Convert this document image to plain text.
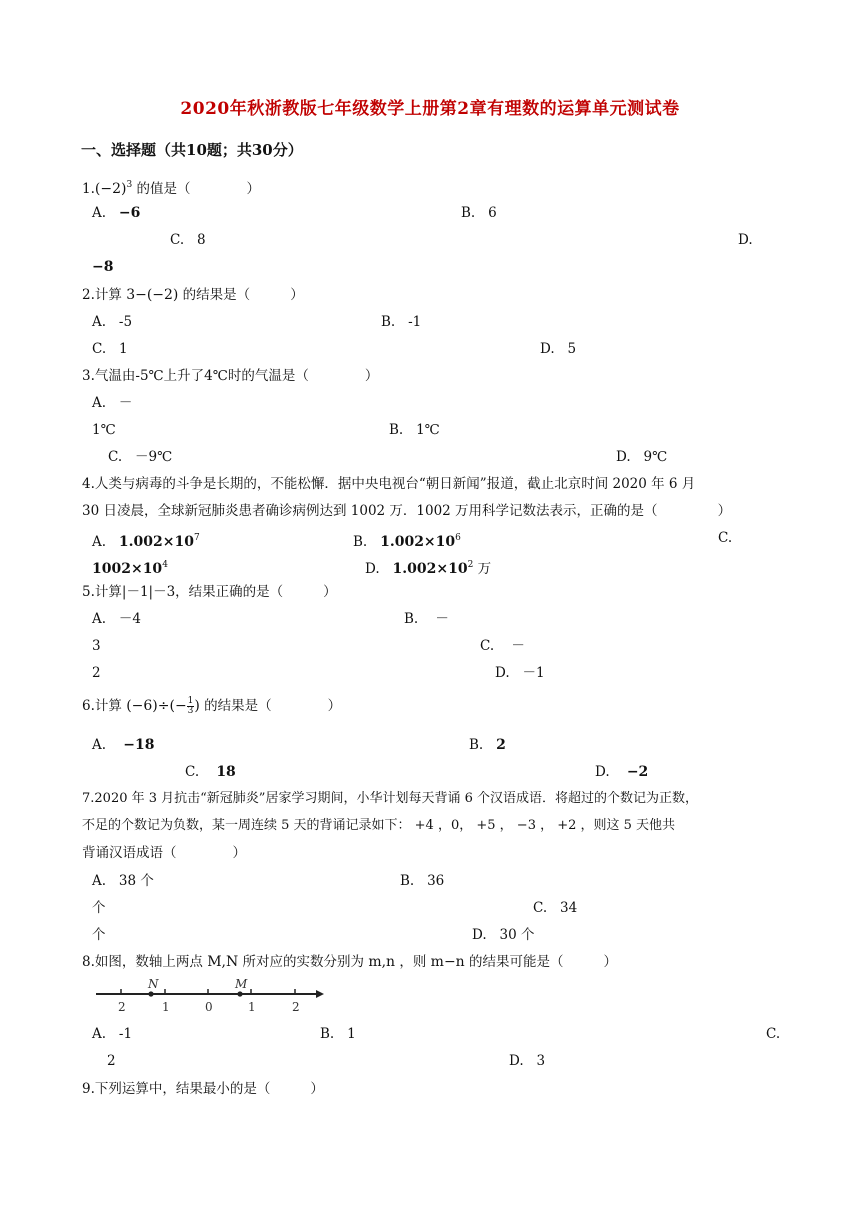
2020年秋浙教版七年级数学上册第2章有理数的运算单元测试卷
一、选择题（共10题；共30分）
$1.(-2)^3$ 的值是（	）
A. −6	B. 6
C. 8	D.
−8
2.计算 3−(−2) 的结果是（	）
A. -5	B. -1
C. 1	D. 5
3.气温由-5℃上升了4℃时的气温是（	）
A. －
1℃	B. 1℃
C. －9℃	D. 9℃
4.人类与病毒的斗争是长期的，不能松懈．据中央电视台“朝日新闻”报道，截止北京时间 2020 年 6 月
30 日凌晨，全球新冠肺炎患者确诊病例达到 1002 万．1002 万用科学记数法表示，正确的是（	）
A. $1.002\times 10^7$	B. $1.002\times 10^6$	C.
$1002\times 10^4$	D. $1.002\times 10^2$ 万
5.计算|－1|－3，结果正确的是（	）
A. －4	B. －
3	C. －
2	D. －1
6.计算 $(-6)\div(- \frac{1}{3}$ ) 的结果是（	）
A. −18	B. 2
C. 18	D. −2
7.2020 年 3 月抗击“新冠肺炎”居家学习期间，小华计划每天背诵 6 个汉语成语．将超过的个数记为正数，
不足的个数记为负数，某一周连续 5 天的背诵记录如下： +4 ，0， +5 ， −3 ， +2 ，则这 5 天他共
背诵汉语成语（	）
A. 38 个	B. 36
个	C. 34
个	D. 30 个
8.如图，数轴上两点 M,N 所对应的实数分别为 m,n ，则 m−n 的结果可能是（	）
N	M
2	1	0	1	2
A. -1	B. 1	C.
2	D. 3
9.下列运算中，结果最小的是（	）
